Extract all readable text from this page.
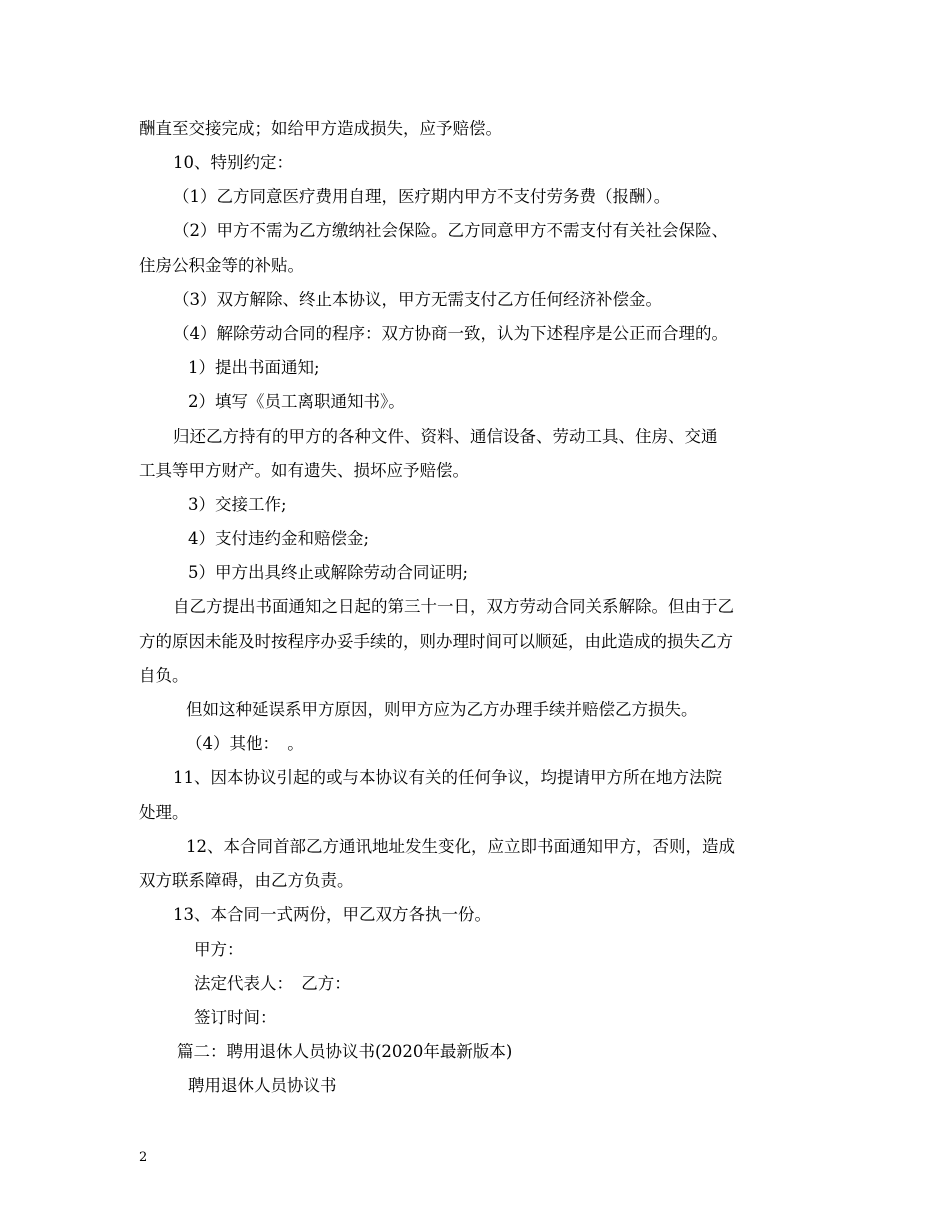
酬直至交接完成；如给甲方造成损失，应予赔偿。
10、特别约定：
（1）乙方同意医疗费用自理，医疗期内甲方不支付劳务费（报酬）。
（2）甲方不需为乙方缴纳社会保险。乙方同意甲方不需支付有关社会保险、
住房公积金等的补贴。
（3）双方解除、终止本协议，甲方无需支付乙方任何经济补偿金。
（4）解除劳动合同的程序：双方协商一致，认为下述程序是公正而合理的。
1）提出书面通知;
2）填写《员工离职通知书》。
归还乙方持有的甲方的各种文件、资料、通信设备、劳动工具、住房、交通
工具等甲方财产。如有遗失、损坏应予赔偿。
3）交接工作;
4）支付违约金和赔偿金;
5）甲方出具终止或解除劳动合同证明;
自乙方提出书面通知之日起的第三十一日，双方劳动合同关系解除。但由于乙
方的原因未能及时按程序办妥手续的，则办理时间可以顺延，由此造成的损失乙方
自负。
但如这种延误系甲方原因，则甲方应为乙方办理手续并赔偿乙方损失。
（4）其他：　。
11、因本协议引起的或与本协议有关的任何争议，均提请甲方所在地方法院
处理。
12、本合同首部乙方通讯地址发生变化，应立即书面通知甲方，否则，造成
双方联系障碍，由乙方负责。
13、本合同一式两份，甲乙双方各执一份。
甲方：
法定代表人：　乙方：
签订时间：
篇二：聘用退休人员协议书(2020年最新版本)
聘用退休人员协议书
2
